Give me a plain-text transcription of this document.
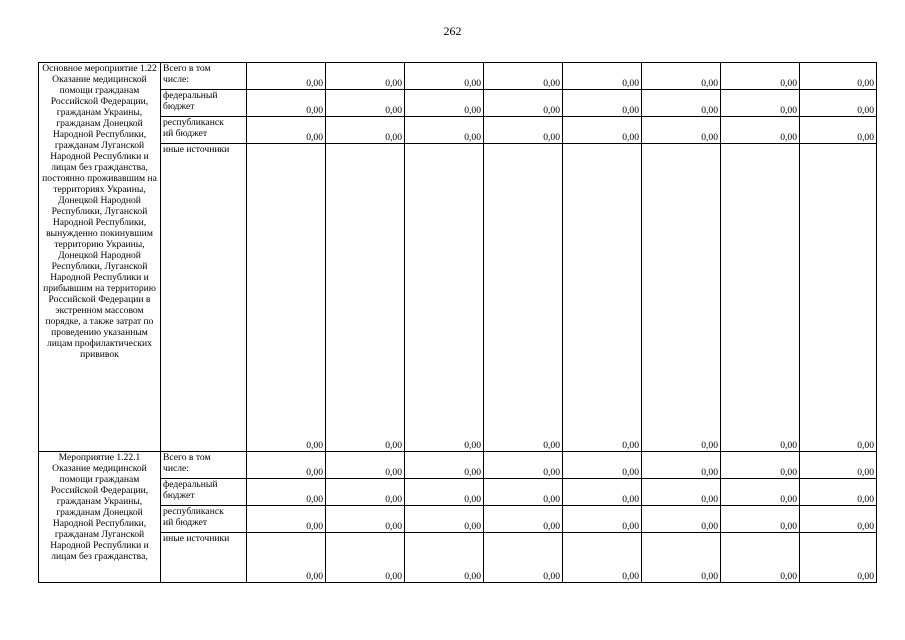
262
Основное мероприятие 1.22 Оказание медицинской помощи гражданам Российской Федерации, гражданам Украины, гражданам Донецкой Народной Республики, гражданам Луганской Народной Республики и лицам без гражданства, постоянно проживавшим на территориях Украины, Донецкой Народной Республики, Луганской Народной Республики, вынужденно покинувшим территорию Украины, Донецкой Народной Республики, Луганской Народной Республики и прибывшим на территорию Российской Федерации в экстренном массовом порядке, а также затрат по проведению указанным лицам профилактических прививок	Всего в том
числе:	0,00	0,00	0,00	0,00	0,00	0,00	0,00	0,00
	федеральный
бюджет	0,00	0,00	0,00	0,00	0,00	0,00	0,00	0,00
	республиканск
ий бюджет	0,00	0,00	0,00	0,00	0,00	0,00	0,00	0,00
	иные источники	0,00	0,00	0,00	0,00	0,00	0,00	0,00	0,00
Мероприятие 1.22.1 Оказание медицинской помощи гражданам Российской Федерации, гражданам Украины, гражданам Донецкой Народной Республики, гражданам Луганской Народной Республики и лицам без гражданства,	Всего в том
числе:	0,00	0,00	0,00	0,00	0,00	0,00	0,00	0,00
	федеральный
бюджет	0,00	0,00	0,00	0,00	0,00	0,00	0,00	0,00
	республиканск
ий бюджет	0,00	0,00	0,00	0,00	0,00	0,00	0,00	0,00
	иные источники	0,00	0,00	0,00	0,00	0,00	0,00	0,00	0,00
